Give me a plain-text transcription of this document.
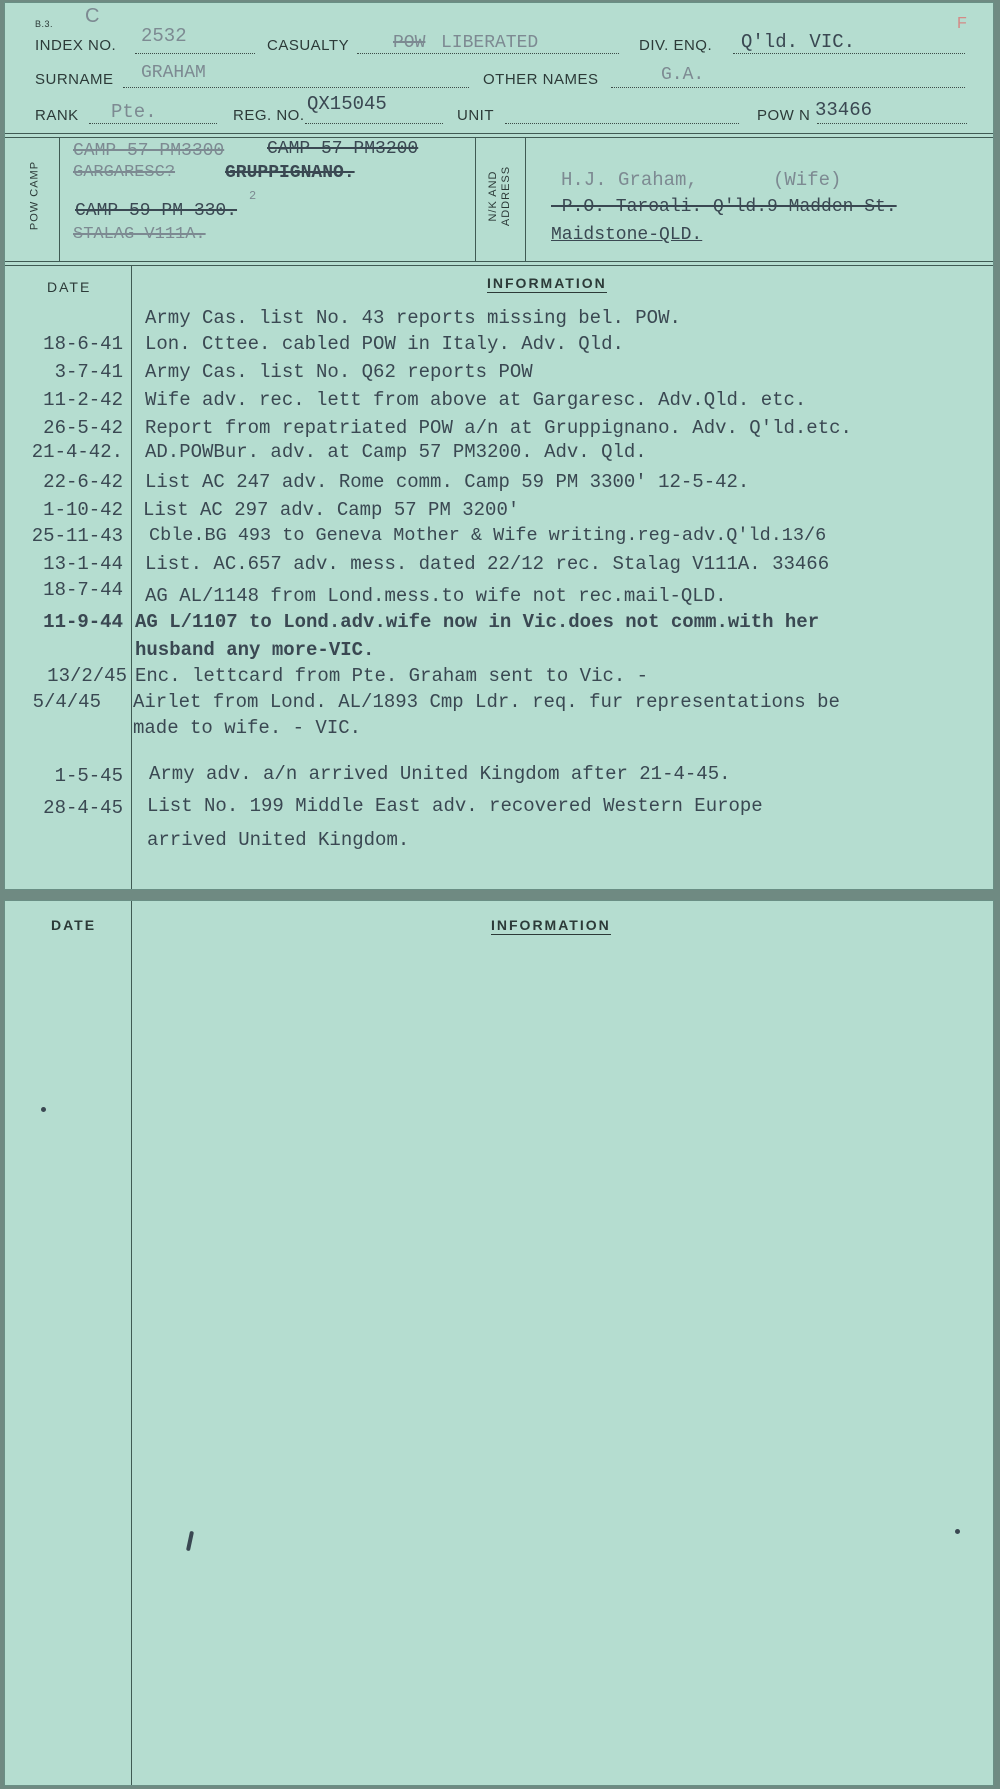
B.3. C	F
INDEX NO. 2532	CASUALTY POW LIBERATED	DIV. ENQ. Q'ld. VIC.
SURNAME GRAHAM	OTHER NAMES	G.A.
RANK Pte.	REG. NO.
QX15045
UNIT	POW N 33466
POW CAMP
CAMP 57 PM3300 CAMP 57 PM3200
GARGARESC?	GRUPPIGNANO.
CAMP 59 PM 330.
2
STALAG V111A.
N/K AND
ADDRESS	H.J. Graham,	(Wife)
-P.O.-Taroali.-Q'ld.9 Madden-St.
Maidstone-QLD.
DATE	INFORMATION
Army Cas. list No. 43 reports missing bel. POW.
18-6-41 Lon. Cttee. cabled POW in Italy. Adv. Qld.
3-7-41 Army Cas. list No. Q62 reports POW
11-2-42 Wife adv. rec. lett from above at Gargaresc. Adv.Qld. etc.
26-5-42 Report from repatriated POW a/n at Gruppignano. Adv. Q'ld.etc.
21-4-42. AD.POWBur. adv. at Camp 57 PM3200. Adv. Qld.
22-6-42 List AC 247 adv. Rome comm. Camp 59 PM 3300' 12-5-42.
1-10-42 List AC 297 adv. Camp 57 PM 3200'
25-11-43 Cble.BG 493 to Geneva Mother & Wife writing.reg-adv.Q'ld.13/6
13-1-44 List. AC.657 adv. mess. dated 22/12 rec. Stalag V111A. 33466
18-7-44 AG AL/1148 from Lond.mess.to wife not rec.mail-QLD.
11-9-44 AG L/1107 to Lond.adv.wife now in Vic.does not comm.with her
husband any more-VIC.
13/2/45 Enc. lettcard from Pte. Graham sent to Vic. -
5/4/45 Airlet from Lond. AL/1893 Cmp Ldr. req. fur representations be
made to wife. - VIC.
1-5-45 Army adv. a/n arrived United Kingdom after 21-4-45.
28-4-45 List No. 199 Middle East adv. recovered Western Europe
arrived United Kingdom.
DATE	INFORMATION
